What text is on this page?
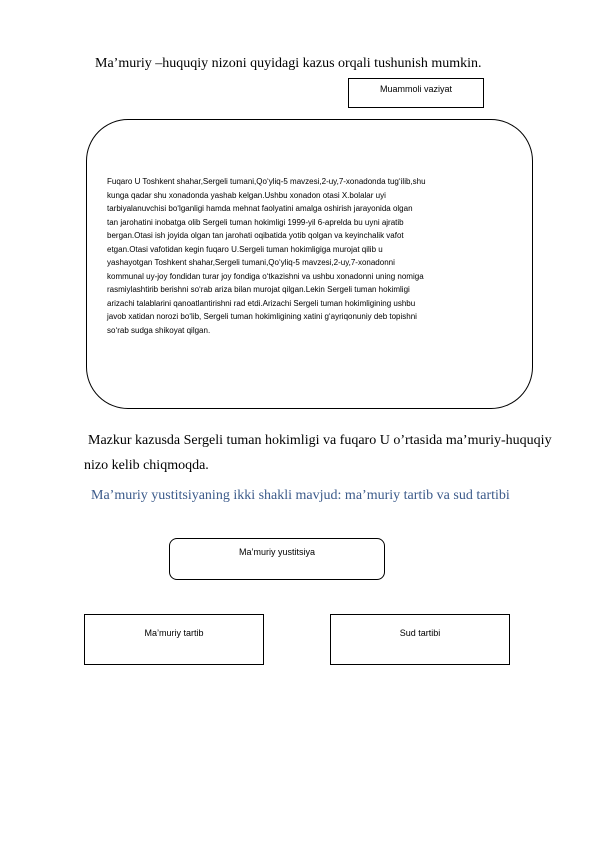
Ma’muriy –huquqiy nizoni quyidagi kazus orqali tushunish mumkin.
Muammoli vaziyat
Fuqaro U Toshkent shahar,Sergeli tumani,Qo‘yliq-5 mavzesi,2-uy,7-xonadonda tug‘ilib,shu
kunga qadar shu xonadonda yashab kelgan.Ushbu xonadon otasi X.bolalar uyi
tarbiyalanuvchisi bo‘lganligi hamda mehnat faolyatini amalga oshirish jarayonida olgan
tan jarohatini inobatga olib Sergeli tuman hokimligi 1999-yil 6-aprelda bu uyni ajratib
bergan.Otasi ish joyida olgan tan jarohati oqibatida yotib qolgan va keyinchalik vafot
etgan.Otasi vafotidan kegin fuqaro U.Sergeli tuman hokimligiga murojat qilib u
yashayotgan Toshkent shahar,Sergeli tumani,Qo‘yliq-5 mavzesi,2-uy,7-xonadonni
kommunal uy-joy fondidan turar joy fondiga o‘tkazishni va ushbu xonadonni uning nomiga
rasmiylashtirib berishni so‘rab ariza bilan murojat qilgan.Lekin Sergeli tuman hokimligi
arizachi talablarini qanoatlantirishni rad etdi.Arizachi Sergeli tuman hokimligining ushbu
javob xatidan norozi bo‘lib, Sergeli tuman hokimligining xatini g‘ayriqonuniy deb topishni
so‘rab sudga shikoyat qilgan.
Mazkur kazusda Sergeli tuman hokimligi va fuqaro U o’rtasida ma’muriy-huquqiy
nizo kelib chiqmoqda.
Ma’muriy yustitsiyaning ikki shakli mavjud: ma’muriy tartib va sud tartibi
Ma’muriy yustitsiya
Ma’muriy tartib	Sud tartibi
